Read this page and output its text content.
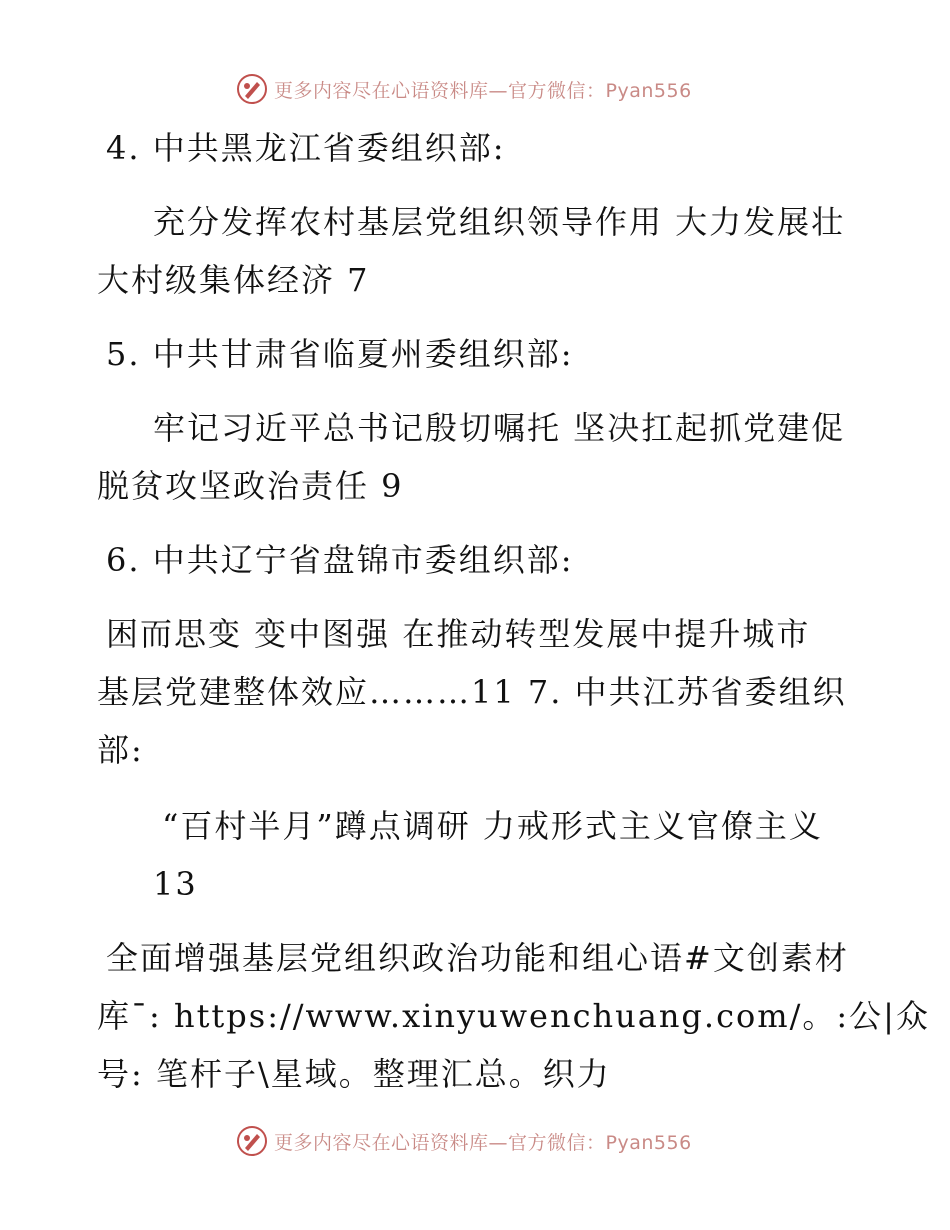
更多内容尽在心语资料库—官方微信：Pyan556
4. 中共黑龙江省委组织部:
充分发挥农村基层党组织领导作用 大力发展壮
大村级集体经济 7
5. 中共甘肃省临夏州委组织部:
牢记习近平总书记殷切嘱托 坚决扛起抓党建促
脱贫攻坚政治责任 9
6. 中共辽宁省盘锦市委组织部:
困而思变 变中图强 在推动转型发展中提升城市
基层党建整体效应………11 7. 中共江苏省委组织
部:
“百村半月”蹲点调研 力戒形式主义官僚主义
13
全面增强基层党组织政治功能和组心语#文创素材
库¯: https://www.xinyuwenchuang.com/。:公|众
号: 笔杆子\星域。整理汇总。织力
更多内容尽在心语资料库—官方微信：Pyan556
